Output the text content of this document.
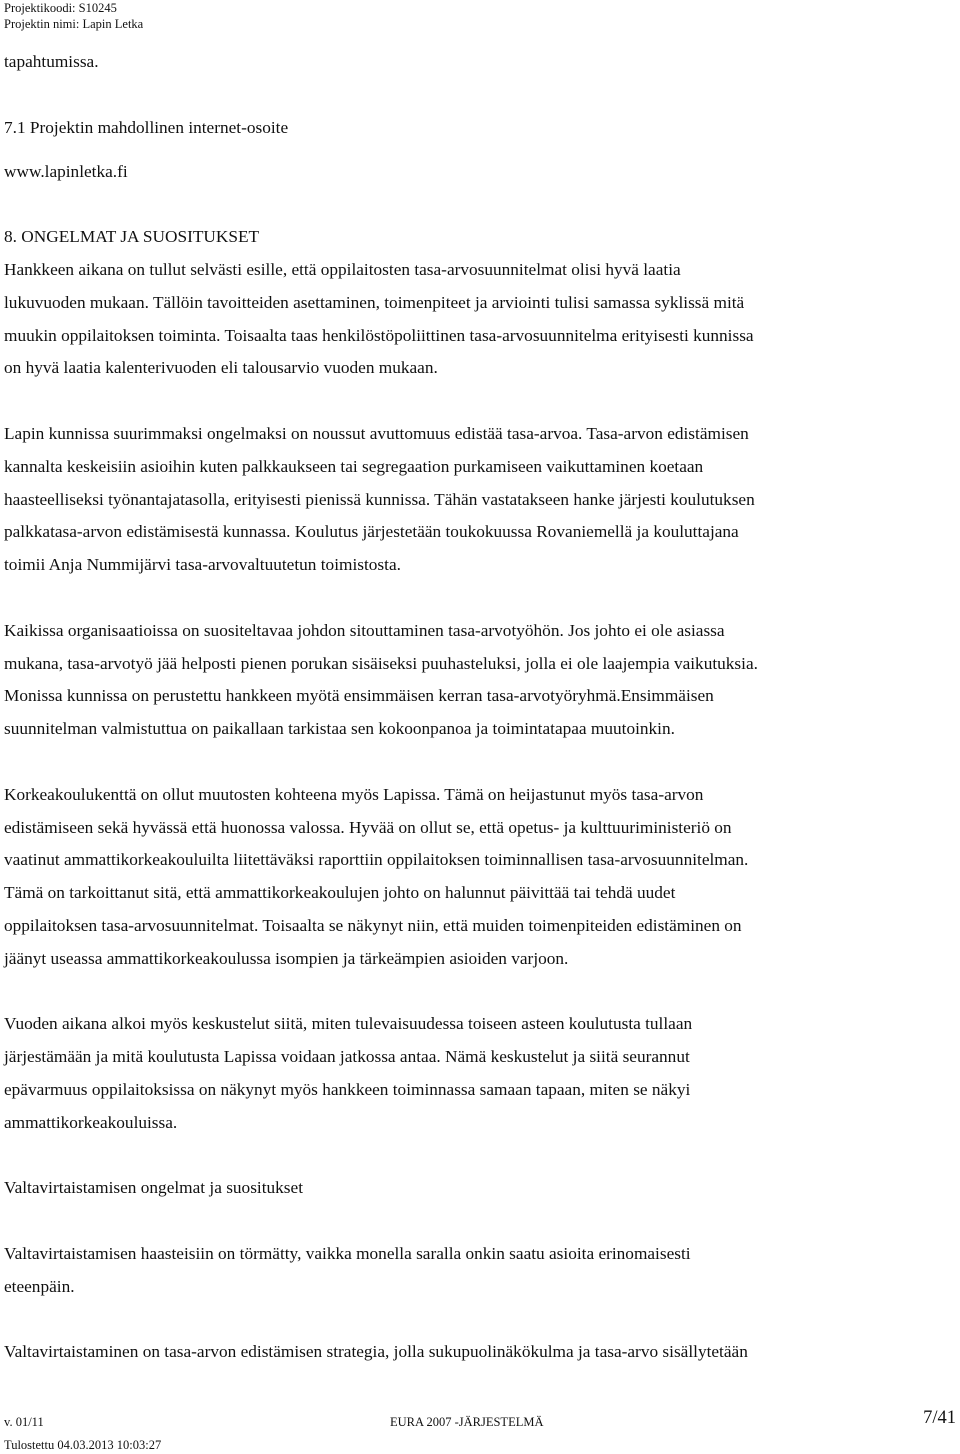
Projektikoodi: S10245
Projektin nimi: Lapin Letka
tapahtumissa.
7.1 Projektin mahdollinen internet-osoite
www.lapinletka.fi
8. ONGELMAT JA SUOSITUKSET
Hankkeen aikana on tullut selvästi esille, että oppilaitosten tasa-arvosuunnitelmat olisi hyvä laatia
lukuvuoden mukaan. Tällöin tavoitteiden asettaminen, toimenpiteet ja arviointi tulisi samassa syklissä mitä
muukin oppilaitoksen toiminta. Toisaalta taas henkilöstöpoliittinen tasa-arvosuunnitelma erityisesti kunnissa
on hyvä laatia kalenterivuoden eli talousarvio vuoden mukaan.
Lapin kunnissa suurimmaksi ongelmaksi on noussut avuttomuus edistää tasa-arvoa. Tasa-arvon edistämisen
kannalta keskeisiin asioihin kuten palkkaukseen tai segregaation purkamiseen vaikuttaminen koetaan
haasteelliseksi työnantajatasolla, erityisesti pienissä kunnissa. Tähän vastatakseen hanke järjesti koulutuksen
palkkatasa-arvon edistämisestä kunnassa. Koulutus järjestetään toukokuussa Rovaniemellä ja kouluttajana
toimii Anja Nummijärvi tasa-arvovaltuutetun toimistosta.
Kaikissa organisaatioissa on suositeltavaa johdon sitouttaminen tasa-arvotyöhön. Jos johto ei ole asiassa
mukana, tasa-arvotyö jää helposti pienen porukan sisäiseksi puuhasteluksi, jolla ei ole laajempia vaikutuksia.
Monissa kunnissa on perustettu hankkeen myötä ensimmäisen kerran tasa-arvotyöryhmä.Ensimmäisen
suunnitelman valmistuttua on paikallaan tarkistaa sen kokoonpanoa ja toimintatapaa muutoinkin.
Korkeakoulukenttä on ollut muutosten kohteena myös Lapissa. Tämä on heijastunut myös tasa-arvon
edistämiseen sekä hyvässä että huonossa valossa. Hyvää on ollut se, että opetus- ja kulttuuriministeriö on
vaatinut ammattikorkeakouluilta liitettäväksi raporttiin oppilaitoksen toiminnallisen tasa-arvosuunnitelman.
Tämä on tarkoittanut sitä, että ammattikorkeakoulujen johto on halunnut päivittää tai tehdä uudet
oppilaitoksen tasa-arvosuunnitelmat. Toisaalta se näkynyt niin, että muiden toimenpiteiden edistäminen on
jäänyt useassa ammattikorkeakoulussa isompien ja tärkeämpien asioiden varjoon.
Vuoden aikana alkoi myös keskustelut siitä, miten tulevaisuudessa toiseen asteen koulutusta tullaan
järjestämään ja mitä koulutusta Lapissa voidaan jatkossa antaa. Nämä keskustelut ja siitä seurannut
epävarmuus oppilaitoksissa on näkynyt myös hankkeen toiminnassa samaan tapaan, miten se näkyi
ammattikorkeakouluissa.
Valtavirtaistamisen ongelmat ja suositukset
Valtavirtaistamisen haasteisiin on törmätty, vaikka monella saralla onkin saatu asioita erinomaisesti
eteenpäin.
Valtavirtaistaminen on tasa-arvon edistämisen strategia, jolla sukupuolinäkökulma ja tasa-arvo sisällytetään
v. 01/11	EURA 2007 -JÄRJESTELMÄ	7/41
Tulostettu 04.03.2013 10:03:27
